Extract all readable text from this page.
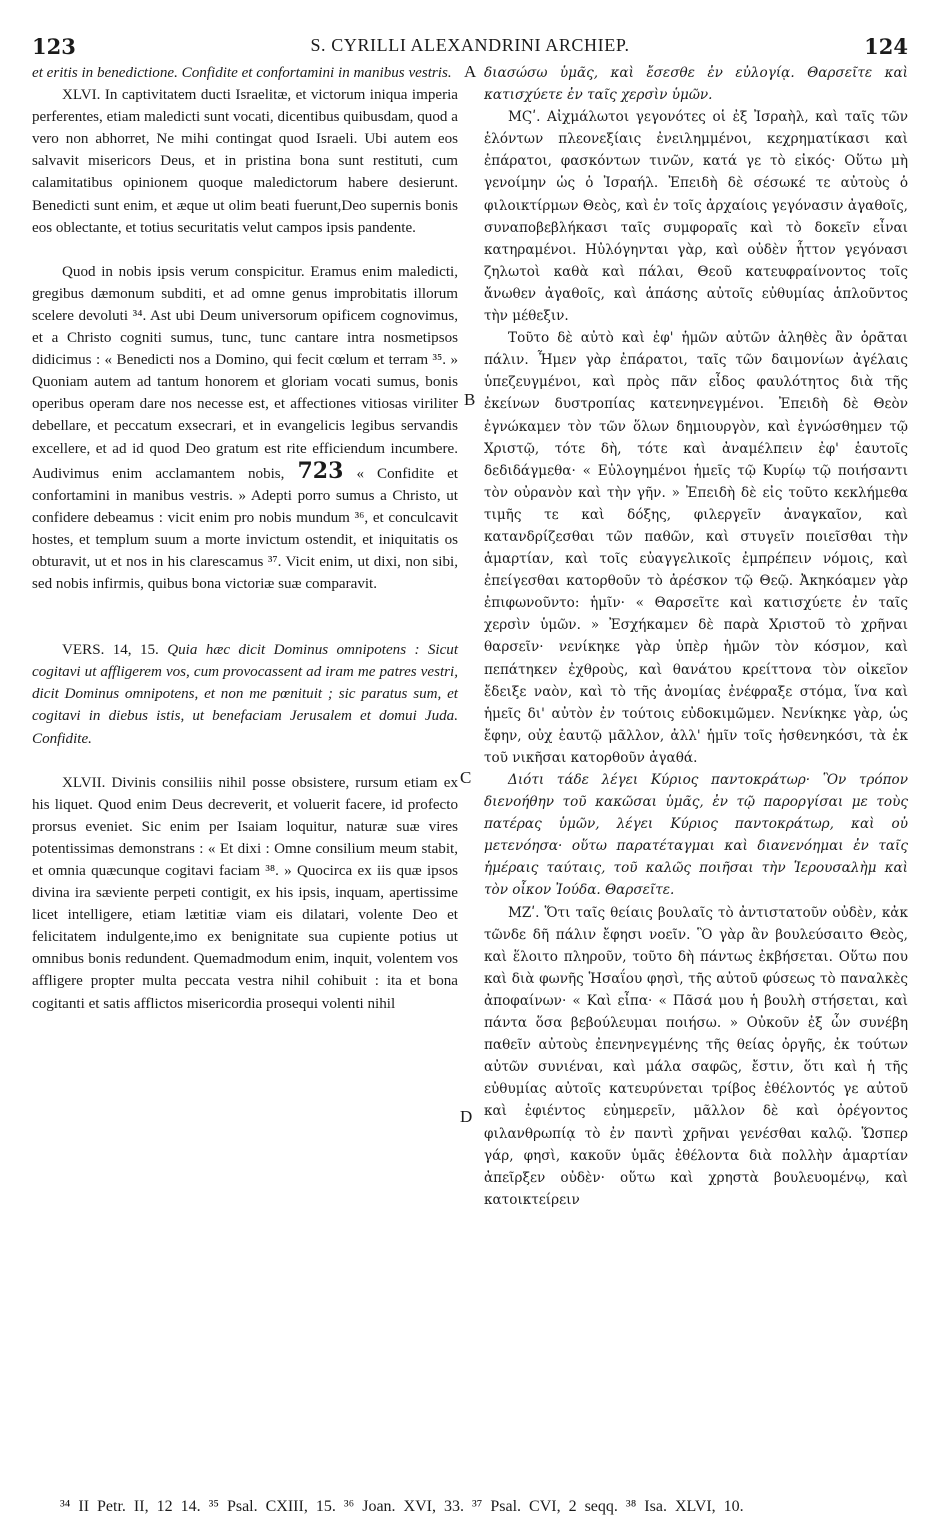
123	S. CYRILLI ALEXANDRINI ARCHIEP.	124

et eritis in benedictione. Confidite et confortamini in manibus vestris.

XLVI. In captivitatem ducti Israelitæ, et victorum iniqua imperia perferentes, etiam maledicti sunt vocati, dicentibus quibusdam, quod a vero non abhorret, Ne mihi contingat quod Israeli. Ubi autem eos salvavit misericors Deus, et in pristina bona sunt restituti, cum calamitatibus opinionem quoque maledictorum habere desierunt. Benedicti sunt enim, et æque ut olim beati fuerunt,Deo supernis bonis eos oblectante, et totius securitatis velut campos ipsis pandente.

Quod in nobis ipsis verum conspicitur. Eramus enim maledicti, gregibus dæmonum subditi, et ad omne genus improbitatis illorum scelere devoluti ³⁴. Ast ubi Deum universorum opificem cognovimus, et a Christo cogniti sumus, tunc, tunc cantare intra nosmetipsos didicimus : « Benedicti nos a Domino, qui fecit cœlum et terram ³⁵. » Quoniam autem ad tantum honorem et gloriam vocati sumus, bonis operibus operam dare nos necesse est, et affectiones vitiosas viriliter debellare, et peccatum exsecrari, et in evangelicis legibus servandis excellere, et ad id quod Deo gratum est rite efficiendum incumbere. Audivimus enim acclamantem nobis, 723 « Confidite et confortamini in manibus vestris. » Adepti porro sumus a Christo, ut confidere debeamus : vicit enim pro nobis mundum ³⁶, et conculcavit hostes, et templum suum a morte invictum ostendit, et iniquitatis os obturavit, ut et nos in his clarescamus ³⁷. Vicit enim, ut dixi, non sibi, sed nobis infirmis, quibus bona victoriæ suæ comparavit.

VERS. 14, 15. Quia hæc dicit Dominus omnipotens : Sicut cogitavi ut affligerem vos, cum provocassent ad iram me patres vestri, dicit Dominus omnipotens, et non me pœnituit ; sic paratus sum, et cogitavi in diebus istis, ut benefaciam Jerusalem et domui Juda. Confidite.

XLVII. Divinis consiliis nihil posse obsistere, rursum etiam ex his liquet. Quod enim Deus decreverit, et voluerit facere, id profecto prorsus eveniet. Sic enim per Isaiam loquitur, naturæ suæ vires potentissimas demonstrans : « Et dixi : Omne consilium meum stabit, et omnia quæcunque cogitavi faciam ³⁸. » Quocirca ex iis quæ ipsos divina ira sæviente perpeti contigit, ex his ipsis, inquam, apertissime licet intelligere, etiam lætitiæ viam eis dilatari, volente Deo et felicitatem indulgente,imo ex benignitate sua cupiente potius ut omnibus bonis redundent. Quemadmodum enim, inquit, volentem vos affligere propter multa peccata vestra nihil cohibuit : ita et bona cogitanti et satis afflictos misericordia prosequi volenti nihil

A
B
C
D

διασώσω ὑμᾶς, καὶ ἔσεσθε ἐν εὐλογίᾳ. Θαρσεῖτε καὶ κατισχύετε ἐν ταῖς χερσὶν ὑμῶν.

ΜϚʹ. Αἰχμάλωτοι γεγονότες οἱ ἐξ Ἰσραὴλ, καὶ ταῖς τῶν ἑλόντων πλεονεξίαις ἐνειλημμένοι, κεχρηματίκασι καὶ ἐπάρατοι, φασκόντων τινῶν, κατά γε τὸ εἰκός· Οὕτω μὴ γενοίμην ὡς ὁ Ἰσραήλ. Ἐπειδὴ δὲ σέσωκέ τε αὐτοὺς ὁ φιλοικτίρμων Θεὸς, καὶ ἐν τοῖς ἀρχαίοις γεγόνασιν ἀγαθοῖς, συναποβεβλήκασι ταῖς συμφοραῖς καὶ τὸ δοκεῖν εἶναι κατηραμένοι. Ηὐλόγηνται γὰρ, καὶ οὐδὲν ἧττον γεγόνασι ζηλωτοὶ καθὰ καὶ πάλαι, Θεοῦ κατευφραίνοντος τοῖς ἄνωθεν ἀγαθοῖς, καὶ ἁπάσης αὐτοῖς εὐθυμίας ἁπλοῦντος τὴν μέθεξιν.

Τοῦτο δὲ αὐτὸ καὶ ἐφ' ἡμῶν αὐτῶν ἀληθὲς ἂν ὁρᾶται πάλιν. Ἦμεν γὰρ ἐπάρατοι, ταῖς τῶν δαιμονίων ἀγέλαις ὑπεζευγμένοι, καὶ πρὸς πᾶν εἶδος φαυλότητος διὰ τῆς ἐκείνων δυστροπίας κατενηνεγμένοι. Ἐπειδὴ δὲ Θεὸν ἐγνώκαμεν τὸν τῶν ὅλων δημιουργὸν, καὶ ἐγνώσθημεν τῷ Χριστῷ, τότε δὴ, τότε καὶ ἀναμέλπειν ἐφ' ἑαυτοῖς δεδιδάγμεθα· « Εὐλογημένοι ἡμεῖς τῷ Κυρίῳ τῷ ποιήσαντι τὸν οὐρανὸν καὶ τὴν γῆν. » Ἐπειδὴ δὲ εἰς τοῦτο κεκλήμεθα τιμῆς τε καὶ δόξης, φιλεργεῖν ἀναγκαῖον, καὶ κατανδρίζεσθαι τῶν παθῶν, καὶ στυγεῖν ποιεῖσθαι τὴν ἁμαρτίαν, καὶ τοῖς εὐαγγελικοῖς ἐμπρέπειν νόμοις, καὶ ἐπείγεσθαι κατορθοῦν τὸ ἀρέσκον τῷ Θεῷ. Ἀκηκόαμεν γὰρ ἐπιφωνοῦντο: ἡμῖν· « Θαρσεῖτε καὶ κατισχύετε ἐν ταῖς χερσὶν ὑμῶν. » Ἐσχήκαμεν δὲ παρὰ Χριστοῦ τὸ χρῆναι θαρσεῖν· νενίκηκε γὰρ ὑπὲρ ἡμῶν τὸν κόσμον, καὶ πεπάτηκεν ἐχθροὺς, καὶ θανάτου κρείττονα τὸν οἰκεῖον ἔδειξε ναὸν, καὶ τὸ τῆς ἀνομίας ἐνέφραξε στόμα, ἵνα καὶ ἡμεῖς δι' αὐτὸν ἐν τούτοις εὐδοκιμῶμεν. Νενίκηκε γὰρ, ὡς ἔφην, οὐχ ἑαυτῷ μᾶλλον, ἀλλ' ἡμῖν τοῖς ἠσθενηκόσι, τὰ ἐκ τοῦ νικῆσαι κατορθοῦν ἀγαθά.

Διότι τάδε λέγει Κύριος παντοκράτωρ· Ὃν τρόπον διενοήθην τοῦ κακῶσαι ὑμᾶς, ἐν τῷ παροργίσαι με τοὺς πατέρας ὑμῶν, λέγει Κύριος παντοκράτωρ, καὶ οὐ μετενόησα· οὕτω παρατέταγμαι καὶ διανενόημαι ἐν ταῖς ἡμέραις ταύταις, τοῦ καλῶς ποιῆσαι τὴν Ἱερουσαλὴμ καὶ τὸν οἶκον Ἰούδα. Θαρσεῖτε.

ΜΖʹ. Ὅτι ταῖς θείαις βουλαῖς τὸ ἀντιστατοῦν οὐδὲν, κἀκ τῶνδε δῆ πάλιν ἔφησι νοεῖν. Ὃ γὰρ ἂν βουλεύσαιτο Θεὸς, καὶ ἕλοιτο πληροῦν, τοῦτο δὴ πάντως ἐκβήσεται. Οὕτω που καὶ διὰ φωνῆς Ἡσαΐου φησὶ, τῆς αὐτοῦ φύσεως τὸ παναλκὲς ἀποφαίνων· « Καὶ εἶπα· « Πᾶσά μου ἡ βουλὴ στήσεται, καὶ πάντα ὅσα βεβούλευμαι ποιήσω. » Οὐκοῦν ἐξ ὧν συνέβη παθεῖν αὐτοὺς ἐπενηνεγμένης τῆς θείας ὀργῆς, ἐκ τούτων αὐτῶν συνιέναι, καὶ μάλα σαφῶς, ἔστιν, ὅτι καὶ ἡ τῆς εὐθυμίας αὐτοῖς κατευρύνεται τρίβος ἐθέλοντός γε αὐτοῦ καὶ ἐφιέντος εὐημερεῖν, μᾶλλον δὲ καὶ ὀρέγοντος φιλανθρωπίᾳ τὸ ἐν παντὶ χρῆναι γενέσθαι καλῷ. Ὥσπερ γάρ, φησὶ, κακοῦν ὑμᾶς ἐθέλοντα διὰ πολλὴν ἁμαρτίαν ἀπεῖρξεν οὐδὲν· οὕτω καὶ χρηστὰ βουλευομένῳ, καὶ κατοικτείρειν

³⁴ II Petr. II, 12 14. ³⁵ Psal. CXIII, 15. ³⁶ Joan. XVI, 33. ³⁷ Psal. CVI, 2 seqq. ³⁸ Isa. XLVI, 10.
